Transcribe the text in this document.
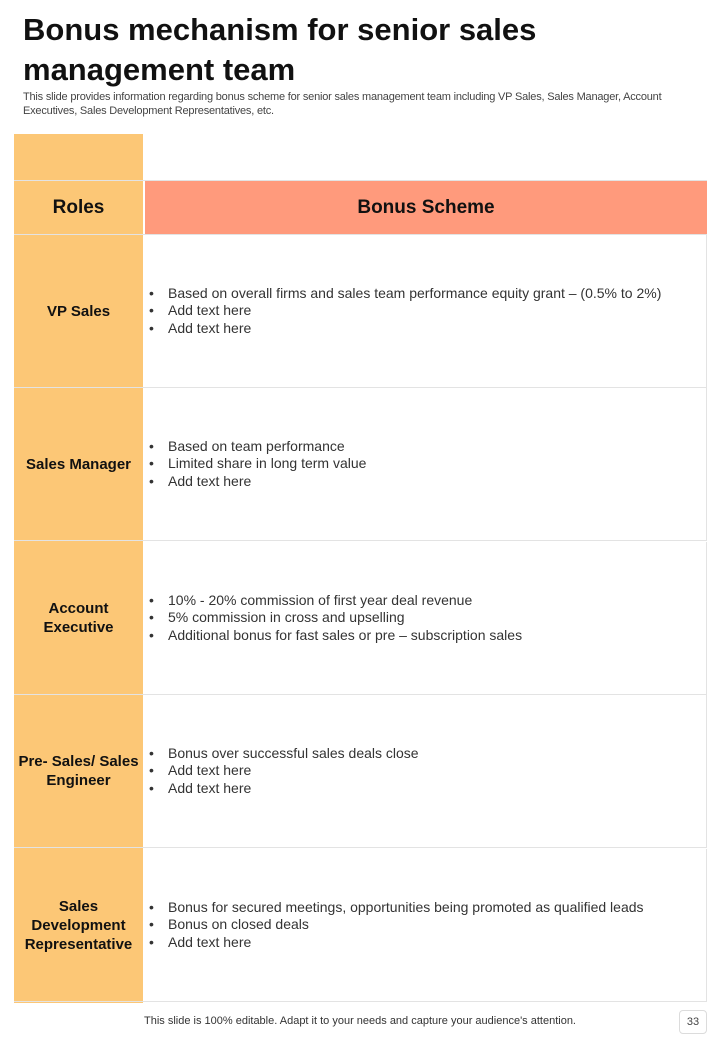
Bonus mechanism for senior sales management team
This slide provides information regarding bonus scheme for senior sales management team including VP Sales, Sales Manager, Account Executives, Sales Development Representatives, etc.
Roles	Bonus Scheme
VP Sales
• Based on overall firms and sales team performance equity grant – (0.5% to 2%)
• Add text here
• Add text here
Sales Manager
• Based on team performance
• Limited share in long term value
• Add text here
Account Executive
• 10% - 20% commission of first year deal revenue
• 5% commission in cross and upselling
• Additional bonus for fast sales or pre – subscription sales
Pre- Sales/ Sales Engineer
• Bonus over successful sales deals close
• Add text here
• Add text here
Sales Development Representative
• Bonus for secured meetings, opportunities being promoted as qualified leads
• Bonus on closed deals
• Add text here
This slide is 100% editable. Adapt it to your needs and capture your audience's attention.	33
